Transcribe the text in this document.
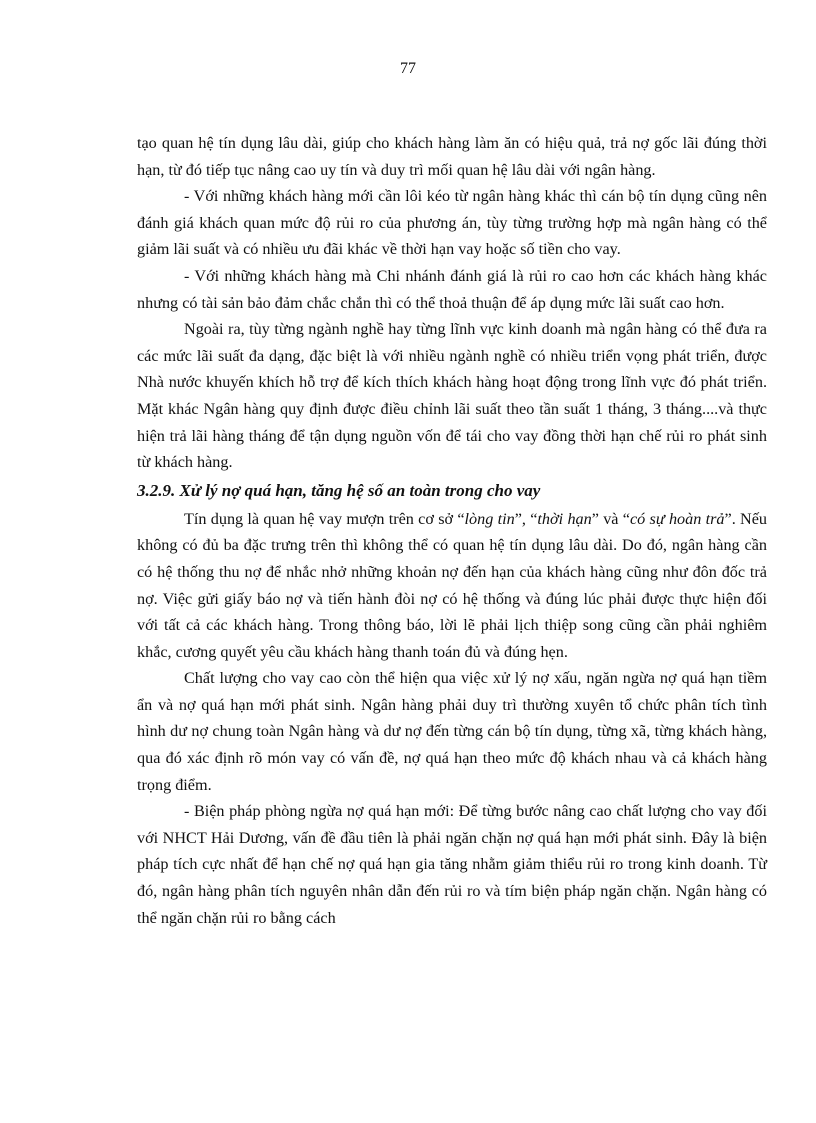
77

tạo quan hệ tín dụng lâu dài, giúp cho khách hàng làm ăn có hiệu quả, trả nợ gốc lãi đúng thời hạn, từ đó tiếp tục nâng cao uy tín và duy trì mối quan hệ lâu dài với ngân hàng.

- Với những khách hàng mới cần lôi kéo từ ngân hàng khác thì cán bộ tín dụng cũng nên đánh giá khách quan mức độ rủi ro của phương án, tùy từng trường hợp mà ngân hàng có thể giảm lãi suất và có nhiều ưu đãi khác về thời hạn vay hoặc số tiền cho vay.

- Với những khách hàng mà Chi nhánh đánh giá là rủi ro cao hơn các khách hàng khác nhưng có tài sản bảo đảm chắc chắn thì có thể thoả thuận để áp dụng mức lãi suất cao hơn.

Ngoài ra, tùy từng ngành nghề hay từng lĩnh vực kinh doanh mà ngân hàng có thể đưa ra các mức lãi suất đa dạng, đặc biệt là với nhiều ngành nghề có nhiều triển vọng phát triển, được Nhà nước khuyến khích hỗ trợ để kích thích khách hàng hoạt động trong lĩnh vực đó phát triển. Mặt khác Ngân hàng quy định được điều chỉnh lãi suất theo tần suất 1 tháng, 3 tháng....và thực hiện trả lãi hàng tháng để tận dụng nguồn vốn để tái cho vay đồng thời hạn chế rủi ro phát sinh từ khách hàng.

3.2.9. Xử lý nợ quá hạn, tăng hệ số an toàn trong cho vay

Tín dụng là quan hệ vay mượn trên cơ sở “lòng tin”, “thời hạn” và “có sự hoàn trả”. Nếu không có đủ ba đặc trưng trên thì không thể có quan hệ tín dụng lâu dài. Do đó, ngân hàng cần có hệ thống thu nợ để nhắc nhở những khoản nợ đến hạn của khách hàng cũng như đôn đốc trả nợ. Việc gửi giấy báo nợ và tiến hành đòi nợ có hệ thống và đúng lúc phải được thực hiện đối với tất cả các khách hàng. Trong thông báo, lời lẽ phải lịch thiệp song cũng cần phải nghiêm khắc, cương quyết yêu cầu khách hàng thanh toán đủ và đúng hẹn.

Chất lượng cho vay cao còn thể hiện qua việc xử lý nợ xấu, ngăn ngừa nợ quá hạn tiềm ẩn và nợ quá hạn mới phát sinh. Ngân hàng phải duy trì thường xuyên tổ chức phân tích tình hình dư nợ chung toàn Ngân hàng và dư nợ đến từng cán bộ tín dụng, từng xã, từng khách hàng, qua đó xác định rõ món vay có vấn đề, nợ quá hạn theo mức độ khách nhau và cả khách hàng trọng điểm.

- Biện pháp phòng ngừa nợ quá hạn mới: Để từng bước nâng cao chất lượng cho vay đối với NHCT Hải Dương, vấn đề đầu tiên là phải ngăn chặn nợ quá hạn mới phát sinh. Đây là biện pháp tích cực nhất để hạn chế nợ quá hạn gia tăng nhằm giảm thiểu rủi ro trong kinh doanh. Từ đó, ngân hàng phân tích nguyên nhân dẫn đến rủi ro và tím biện pháp ngăn chặn. Ngân hàng có thể ngăn chặn rủi ro bằng cách
